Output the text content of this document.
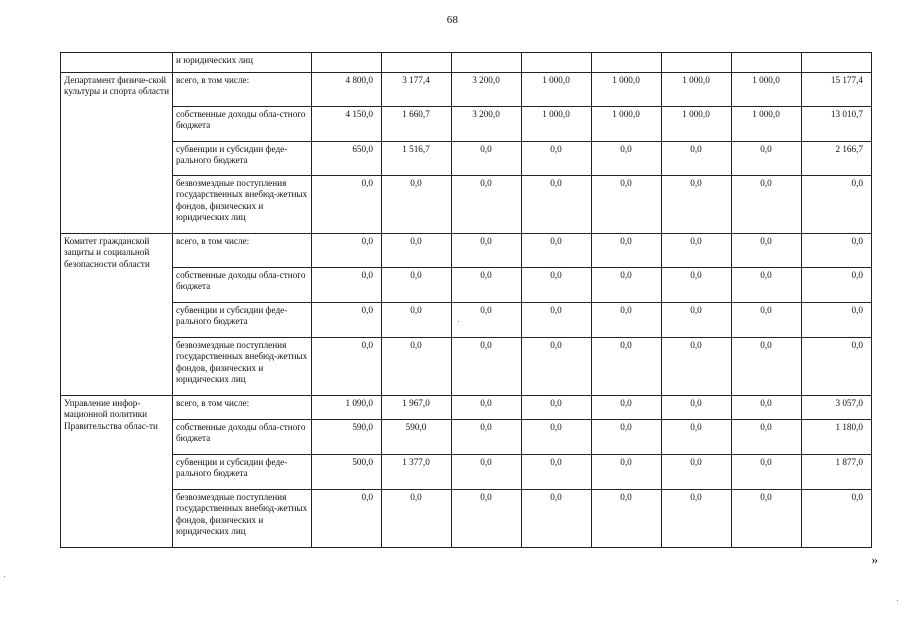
68
	и юридических лиц								
Департамент физиче-ской культуры и спорта области	всего, в том числе:	4 800,0	3 177,4	3 200,0	1 000,0	1 000,0	1 000,0	1 000,0	15 177,4
	собственные доходы обла-стного бюджета	4 150,0	1 660,7	3 200,0	1 000,0	1 000,0	1 000,0	1 000,0	13 010,7
	субвенции и субсидии феде-рального бюджета	650,0	1 516,7	0,0	0,0	0,0	0,0	0,0	2 166,7
	безвозмездные поступления государственных внебюд-жетных фондов, физических и юридических лиц	0,0	0,0	0,0	0,0	0,0	0,0	0,0	0,0
Комитет гражданской защиты и социальной безопасности области	всего, в том числе:	0,0	0,0	0,0	0,0	0,0	0,0	0,0	0,0
	собственные доходы обла-стного бюджета	0,0	0,0	0,0	0,0	0,0	0,0	0,0	0,0
	субвенции и субсидии феде-рального бюджета	0,0	0,0	0,0	0,0	0,0	0,0	0,0	0,0
	безвозмездные поступления государственных внебюд-жетных фондов, физических и юридических лиц	0,0	0,0	0,0	0,0	0,0	0,0	0,0	0,0
Управление инфор-мационной политики Правительства облас-ти	всего, в том числе:	1 090,0	1 967,0	0,0	0,0	0,0	0,0	0,0	3 057,0
	собственные доходы обла-стного бюджета	590,0	590,0	0,0	0,0	0,0	0,0	0,0	1 180,0
	субвенции и субсидии феде-рального бюджета	500,0	1 377,0	0,0	0,0	0,0	0,0	0,0	1 877,0
	безвозмездные поступления государственных внебюд-жетных фондов, физических и юридических лиц	0,0	0,0	0,0	0,0	0,0	0,0	0,0	0,0
»
